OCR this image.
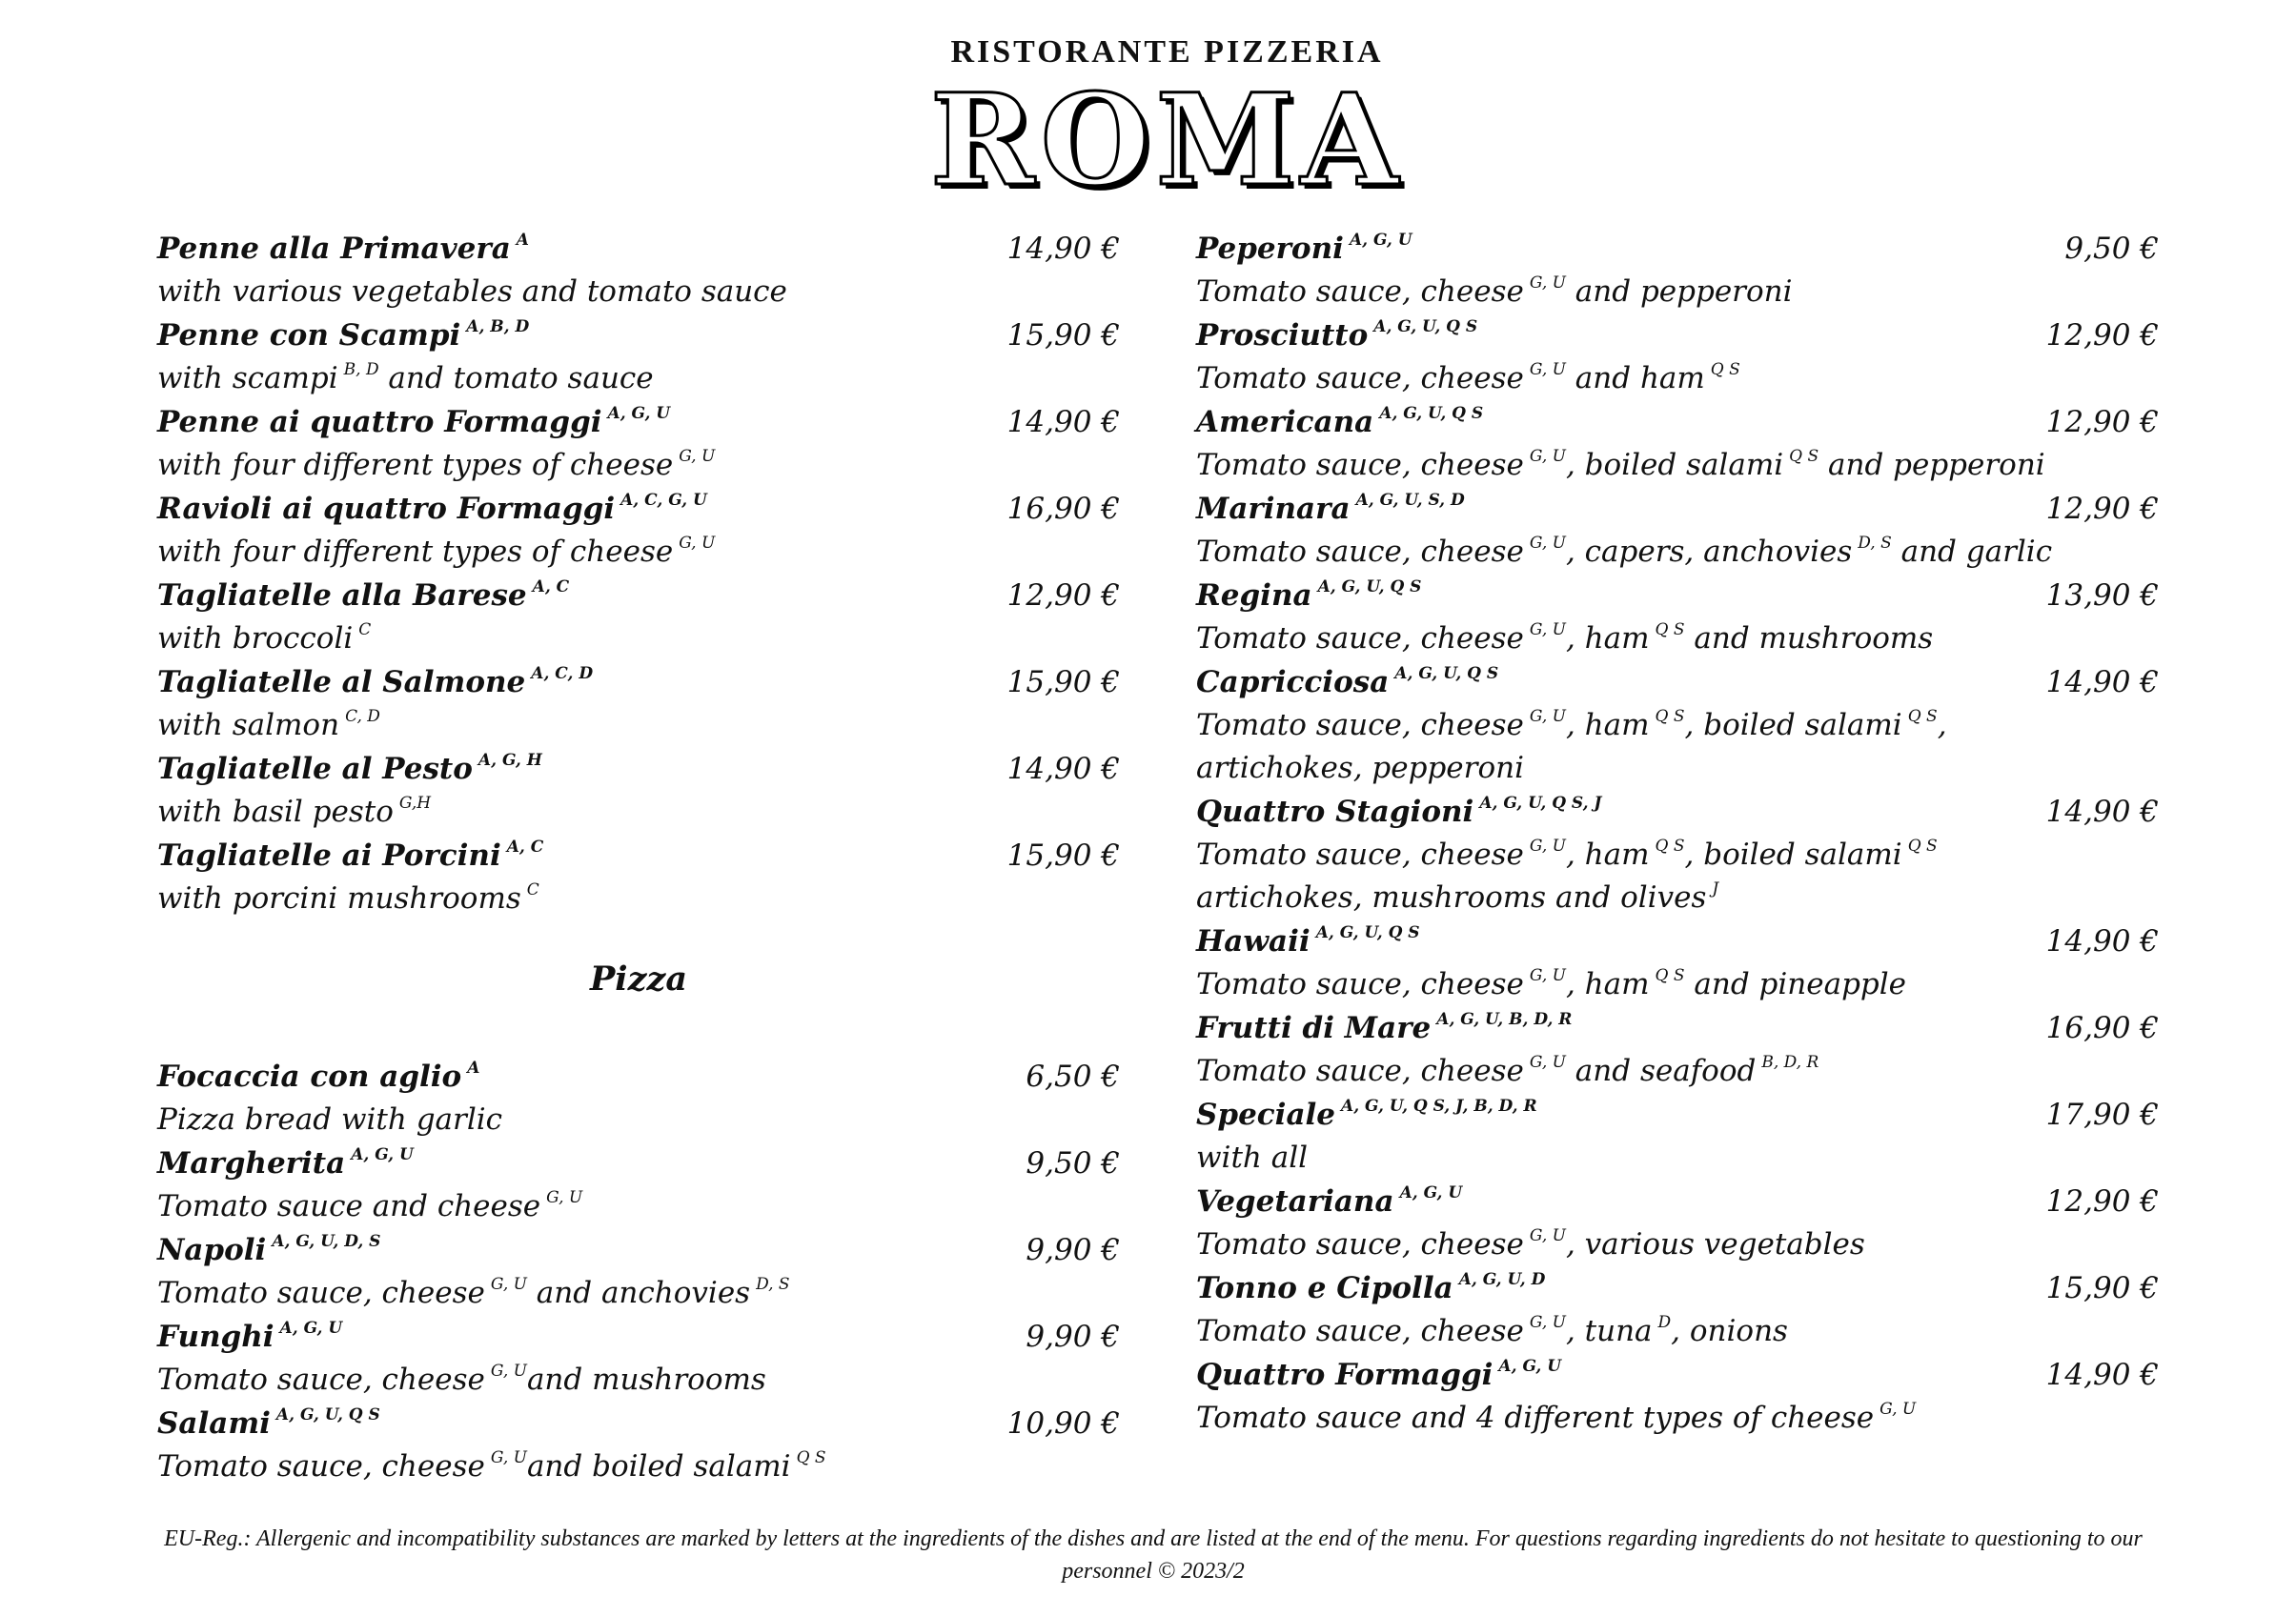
RISTORANTE PIZZERIA
ROMA
Penne alla Primavera $^A$	14,90 €
with various vegetables and tomato sauce
Penne con Scampi $^{A, B, D}$	15,90 €
with scampi $^{B, D}$ and tomato sauce
Penne ai quattro Formaggi $^{A, G, U}$	14,90 €
with four different types of cheese $^{G, U}$
Ravioli ai quattro Formaggi $^{A, C, G, U}$	16,90 €
with four different types of cheese $^{G, U}$
Tagliatelle alla Barese $^{A, C}$	12,90 €
with broccoli $^C$
Tagliatelle al Salmone $^{A, C, D}$	15,90 €
with salmon $^{C, D}$
Tagliatelle al Pesto $^{A, G, H}$	14,90 €
with basil pesto $^{G,H}$
Tagliatelle ai Porcini $^{A, C}$	15,90 €
with porcini mushrooms $^C$
Pizza
Focaccia con aglio $^A$	6,50 €
Pizza bread with garlic
Margherita $^{A, G, U}$	9,50 €
Tomato sauce and cheese $^{G, U}$
Napoli $^{A, G, U, D, S}$	9,90 €
Tomato sauce, cheese $^{G, U}$ and anchovies $^{D, S}$
Funghi $^{A, G, U}$	9,90 €
Tomato sauce, cheese $^{G, U}$and mushrooms
Salami $^{A, G, U, Q S}$	10,90 €
Tomato sauce, cheese $^{G, U}$and boiled salami $^{Q S}$
Peperoni $^{A, G, U}$	9,50 €
Tomato sauce, cheese $^{G, U}$ and pepperoni
Prosciutto $^{A, G, U, Q S}$	12,90 €
Tomato sauce, cheese $^{G, U}$ and ham $^{Q S}$
Americana $^{A, G, U, Q S}$	12,90 €
Tomato sauce, cheese $^{G, U}$, boiled salami $^{Q S}$ and pepperoni
Marinara $^{A, G, U, S, D}$	12,90 €
Tomato sauce, cheese $^{G, U}$, capers, anchovies $^{D, S}$ and garlic
Regina $^{A, G, U, Q S}$	13,90 €
Tomato sauce, cheese $^{G, U}$, ham $^{Q S}$ and mushrooms
Capricciosa $^{A, G, U, Q S}$	14,90 €
Tomato sauce, cheese $^{G, U}$, ham $^{Q S}$, boiled salami $^{Q S}$, artichokes, pepperoni
Quattro Stagioni $^{A, G, U, Q S, J}$	14,90 €
Tomato sauce, cheese $^{G, U}$, ham $^{Q S}$, boiled salami $^{Q S}$ artichokes, mushrooms and olives $^J$
Hawaii $^{A, G, U, Q S}$	14,90 €
Tomato sauce, cheese $^{G, U}$, ham $^{Q S}$ and pineapple
Frutti di Mare $^{A, G, U, B, D, R}$	16,90 €
Tomato sauce, cheese $^{G, U}$ and seafood $^{B, D, R}$
Speciale $^{A, G, U, Q S, J, B, D, R}$	17,90 €
with all
Vegetariana $^{A, G, U}$	12,90 €
Tomato sauce, cheese $^{G, U}$, various vegetables
Tonno e Cipolla $^{A, G, U, D}$	15,90 €
Tomato sauce, cheese $^{G, U}$, tuna $^D$, onions
Quattro Formaggi $^{A, G, U}$	14,90 €
Tomato sauce and 4 different types of cheese $^{G, U}$
EU-Reg.: Allergenic and incompatibility substances are marked by letters at the ingredients of the dishes and are listed at the end of the menu. For questions regarding ingredients do not hesitate to questioning to our personnel © 2023/2
